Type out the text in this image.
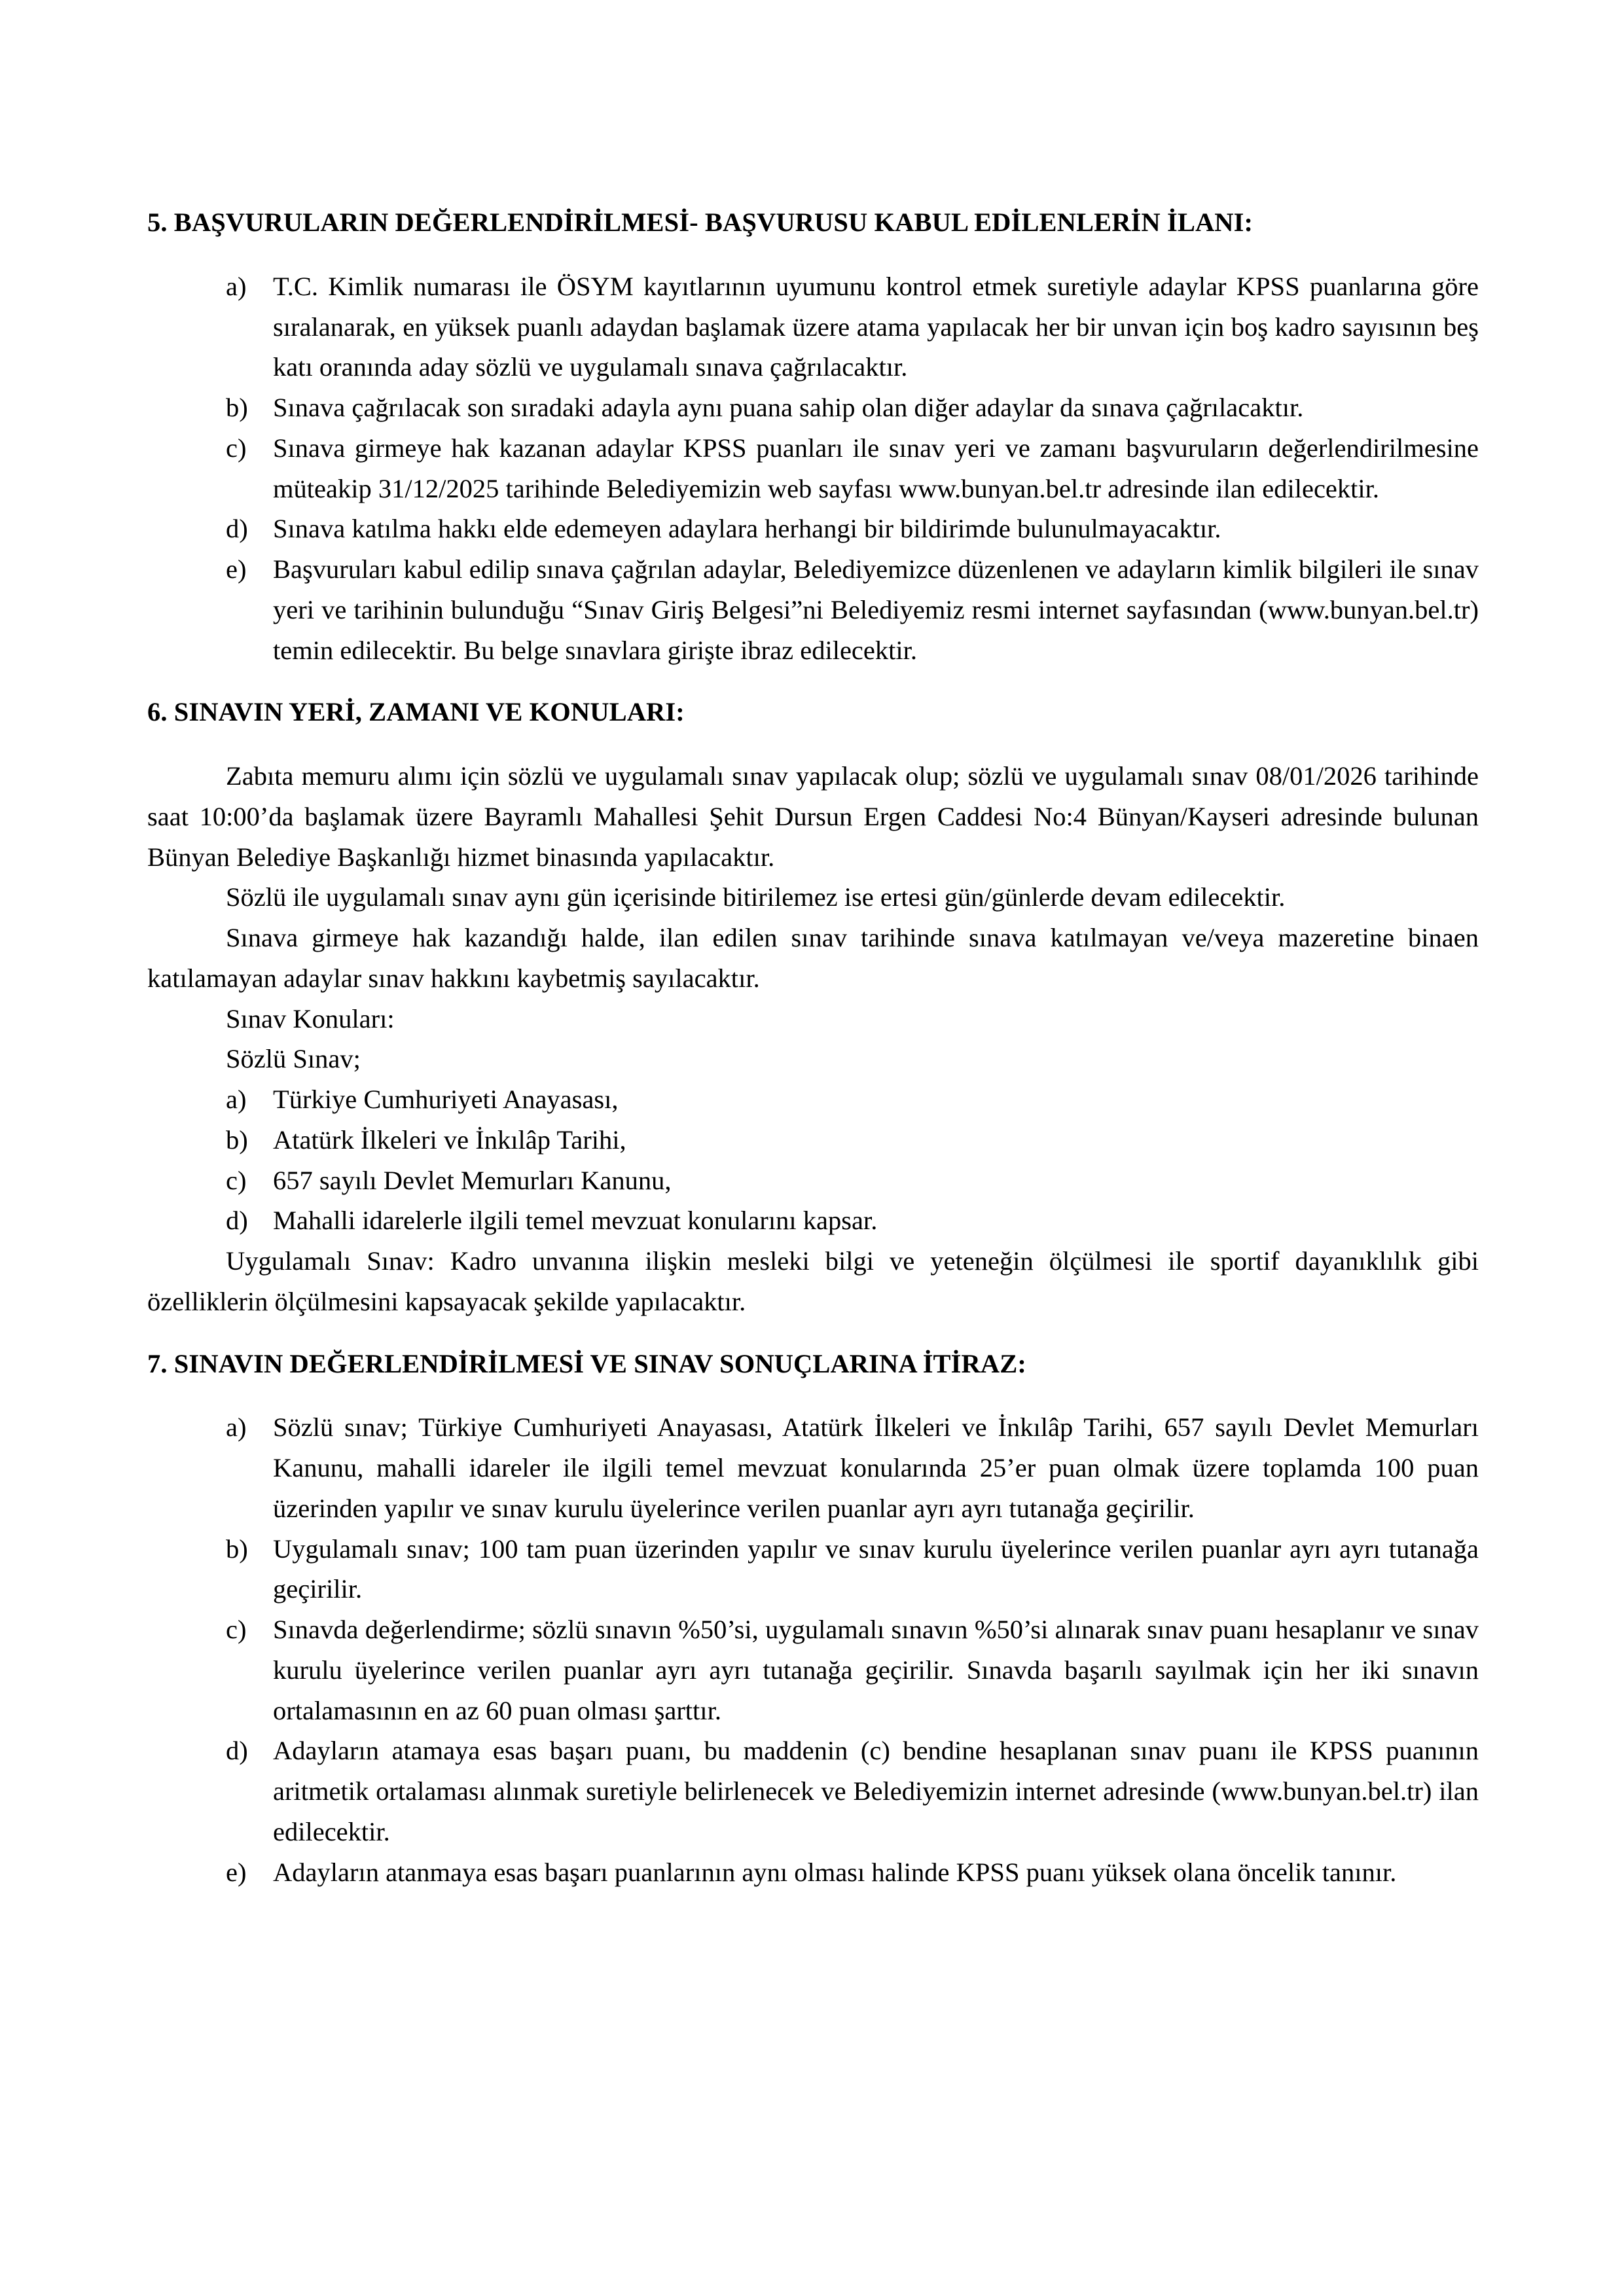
5. BAŞVURULARIN DEĞERLENDİRİLMESİ- BAŞVURUSU KABUL EDİLENLERİN İLANI:
a)	T.C. Kimlik numarası ile ÖSYM kayıtlarının uyumunu kontrol etmek suretiyle adaylar KPSS puanlarına göre sıralanarak, en yüksek puanlı adaydan başlamak üzere atama yapılacak her bir unvan için boş kadro sayısının beş katı oranında aday sözlü ve uygulamalı sınava çağrılacaktır.
b) Sınava çağrılacak son sıradaki adayla aynı puana sahip olan diğer adaylar da sınava çağrılacaktır.
c)	Sınava girmeye hak kazanan adaylar KPSS puanları ile sınav yeri ve zamanı başvuruların değerlendirilmesine müteakip 31/12/2025 tarihinde Belediyemizin web sayfası www.bunyan.bel.tr adresinde ilan edilecektir.
d) Sınava katılma hakkı elde edemeyen adaylara herhangi bir bildirimde bulunulmayacaktır.
e)	Başvuruları kabul edilip sınava çağrılan adaylar, Belediyemizce düzenlenen ve adayların kimlik bilgileri ile sınav yeri ve tarihinin bulunduğu “Sınav Giriş Belgesi”ni Belediyemiz resmi internet sayfasından (www.bunyan.bel.tr) temin edilecektir. Bu belge sınavlara girişte ibraz edilecektir.
6. SINAVIN YERİ, ZAMANI VE KONULARI:

Zabıta memuru alımı için sözlü ve uygulamalı sınav yapılacak olup; sözlü ve uygulamalı sınav 08/01/2026 tarihinde saat 10:00’da başlamak üzere Bayramlı Mahallesi Şehit Dursun Ergen Caddesi No:4 Bünyan/Kayseri adresinde bulunan Bünyan Belediye Başkanlığı hizmet binasında yapılacaktır.

Sözlü ile uygulamalı sınav aynı gün içerisinde bitirilemez ise ertesi gün/günlerde devam edilecektir.

Sınava girmeye hak kazandığı halde, ilan edilen sınav tarihinde sınava katılmayan ve/veya mazeretine binaen katılamayan adaylar sınav hakkını kaybetmiş sayılacaktır.

Sınav Konuları:

Sözlü Sınav;

a)	Türkiye Cumhuriyeti Anayasası,
b) Atatürk İlkeleri ve İnkılâp Tarihi,
c)	657 sayılı Devlet Memurları Kanunu,
d) Mahalli idarelerle ilgili temel mevzuat konularını kapsar.

Uygulamalı Sınav: Kadro unvanına ilişkin mesleki bilgi ve yeteneğin ölçülmesi ile sportif dayanıklılık gibi özelliklerin ölçülmesini kapsayacak şekilde yapılacaktır.

7. SINAVIN DEĞERLENDİRİLMESİ VE SINAV SONUÇLARINA İTİRAZ:
a)	Sözlü sınav; Türkiye Cumhuriyeti Anayasası, Atatürk İlkeleri ve İnkılâp Tarihi, 657 sayılı Devlet Memurları Kanunu, mahalli idareler ile ilgili temel mevzuat konularında 25’er puan olmak üzere toplamda 100 puan üzerinden yapılır ve sınav kurulu üyelerince verilen puanlar ayrı ayrı tutanağa geçirilir.
b) Uygulamalı sınav; 100 tam puan üzerinden yapılır ve sınav kurulu üyelerince verilen puanlar ayrı ayrı tutanağa geçirilir.
c)	Sınavda değerlendirme; sözlü sınavın %50’si, uygulamalı sınavın %50’si alınarak sınav puanı hesaplanır ve sınav kurulu üyelerince verilen puanlar ayrı ayrı tutanağa geçirilir. Sınavda başarılı sayılmak için her iki sınavın ortalamasının en az 60 puan olması şarttır.
d) Adayların atamaya esas başarı puanı, bu maddenin (c) bendine hesaplanan sınav puanı ile KPSS puanının aritmetik ortalaması alınmak suretiyle belirlenecek ve Belediyemizin internet adresinde (www.bunyan.bel.tr) ilan edilecektir.
e)	Adayların atanmaya esas başarı puanlarının aynı olması halinde KPSS puanı yüksek olana öncelik tanınır.
